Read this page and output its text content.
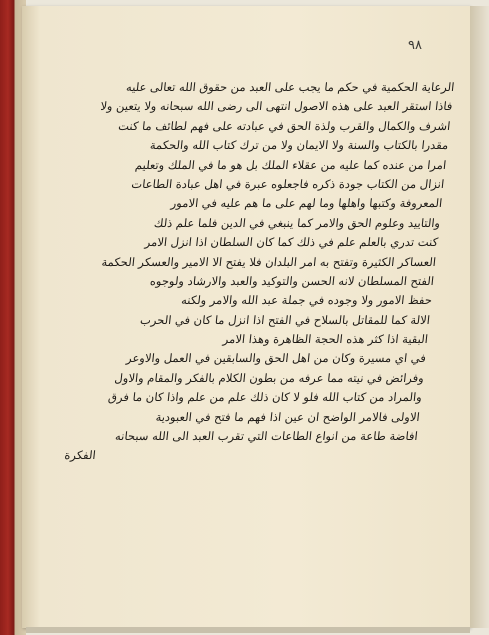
٩٨
الرعاية الحكمية في حكم ما يجب على العبد من حقوق الله تعالى عليه
فاذا استقر العبد على هذه الاصول انتهى الى رضى الله سبحانه ولا يتعين ولا
اشرف والكمال والقرب ولذة الحق في عبادته على فهم لطائف ما كنت
مقدرا بالكتاب والسنة ولا الايمان ولا من ترك كتاب الله والحكمة
امرا من عنده كما عليه من عقلاء الملك بل هو ما في الملك وتعليم
انزال من الكتاب جودة ذكره فاجعلوه عبرة في اهل عبادة الطاعات
المعروفة وكتبها واهلها وما لهم على ما هم عليه في الامور
والتاييد وعلوم الحق والامر كما ينبغي في الدين فلما علم ذلك
كنت تدري بالعلم علم في ذلك كما كان السلطان اذا انزل الامر
العساكر الكثيرة وتفتح به امر البلدان فلا يفتح الا الامير والعسكر الحكمة
الفتح المسلطان لانه الحسن والتوكيد والعبد والارشاد ولوجوه
حفظ الامور ولا وجوده في جملة عبد الله والامر ولكنه
الالة كما للمقاتل بالسلاح في الفتح اذا انزل ما كان في الحرب
البقية اذا كثر هذه الحجة الظاهرة وهذا الامر
في اي مسيرة وكان من اهل الحق والسابقين في العمل والاوعر
وفرائض في نيته مما عرفه من بطون الكلام بالفكر والمقام والاول
والمراد من كتاب الله فلو لا كان ذلك علم من علم واذا كان ما فرق
الاولى فالامر الواضح ان عين اذا فهم ما فتح في العبودية
افاضة طاعة من انواع الطاعات التي تقرب العبد الى الله سبحانه
الفكرة
